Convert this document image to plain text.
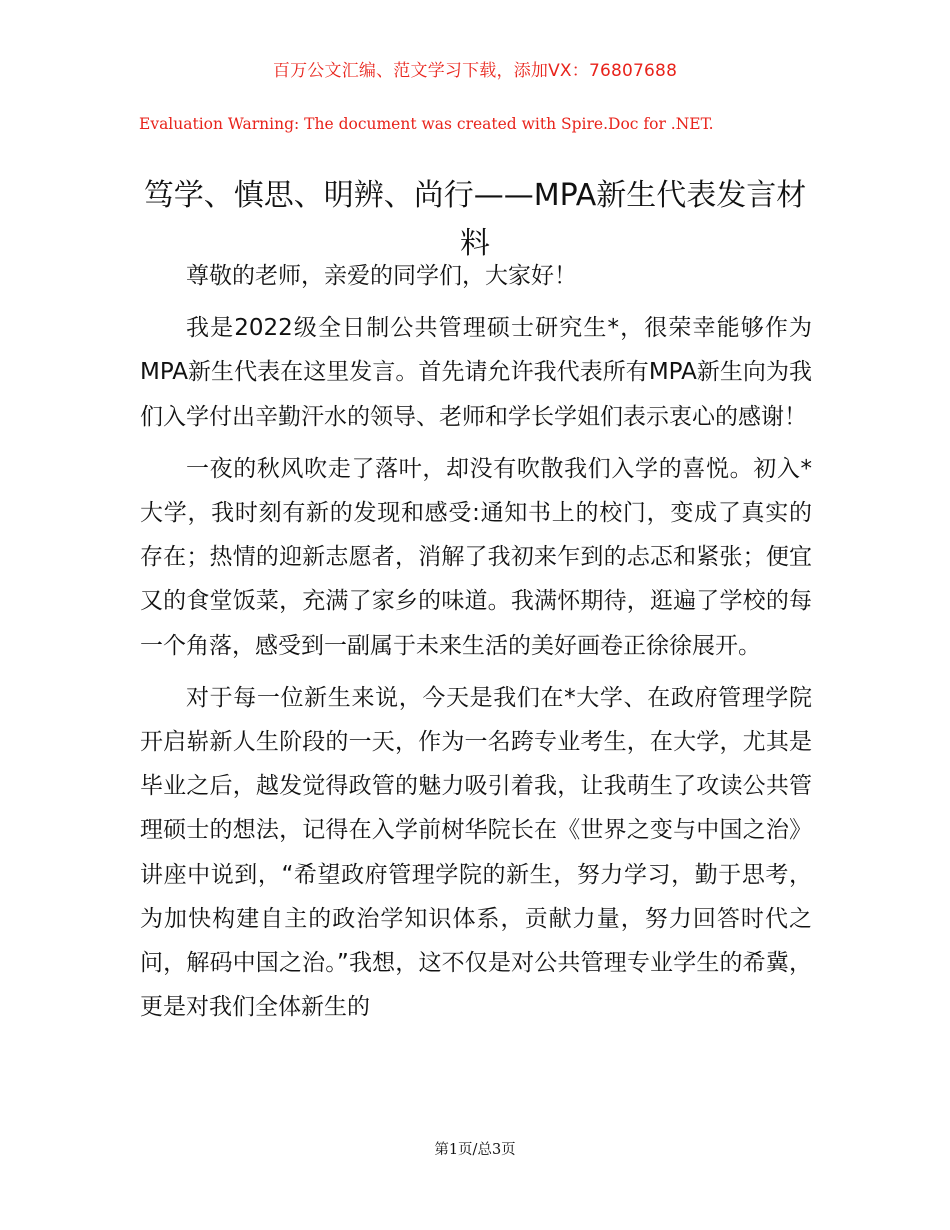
百万公文汇编、范文学习下载，添加VX：76807688
Evaluation Warning: The document was created with Spire.Doc for .NET.
笃学、慎思、明辨、尚行——MPA新生代表发言材料

尊敬的老师，亲爱的同学们，大家好！

我是2022级全日制公共管理硕士研究生*，很荣幸能够作为MPA新生代表在这里发言。首先请允许我代表所有MPA新生向为我们入学付出辛勤汗水的领导、老师和学长学姐们表示衷心的感谢！

一夜的秋风吹走了落叶，却没有吹散我们入学的喜悦。初入*大学，我时刻有新的发现和感受:通知书上的校门，变成了真实的存在；热情的迎新志愿者，消解了我初来乍到的忐忑和紧张；便宜又的食堂饭菜，充满了家乡的味道。我满怀期待，逛遍了学校的每一个角落，感受到一副属于未来生活的美好画卷正徐徐展开。

对于每一位新生来说，今天是我们在*大学、在政府管理学院开启崭新人生阶段的一天，作为一名跨专业考生，在大学，尤其是毕业之后，越发觉得政管的魅力吸引着我，让我萌生了攻读公共管理硕士的想法，记得在入学前树华院长在《世界之变与中国之治》讲座中说到，“希望政府管理学院的新生，努力学习，勤于思考，为加快构建自主的政治学知识体系，贡献力量，努力回答时代之问，解码中国之治。”我想，这不仅是对公共管理专业学生的希冀，更是对我们全体新生的

第1页/总3页
